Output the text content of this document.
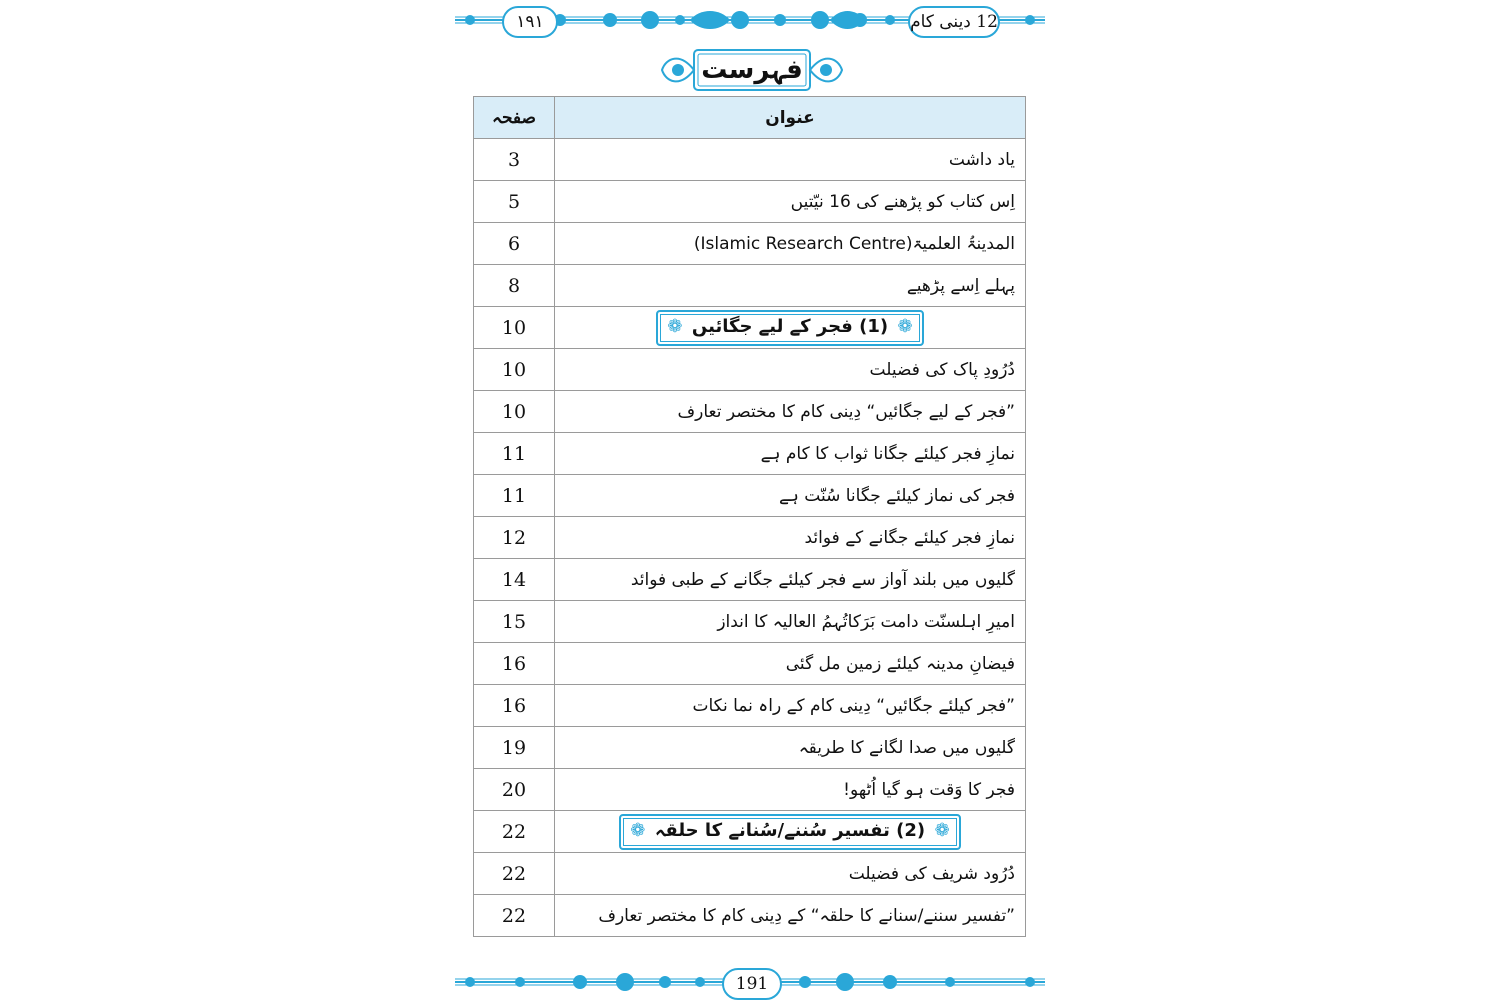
١٩١	12 دینی کام
فہرست
صفحہ	عنوان
3	یاد داشت
5	اِس کتاب کو پڑھنے کی 16 نیّتیں
6	المدینۃُ العلمیۃ(Islamic Research Centre)
8	پہلے اِسے پڑھیے
10	❁ (1) فجر کے لیے جگائیں ❁

10	دُرُودِ پاک کی فضیلت
10	”فجر کے لیے جگائیں“ دِینی کام کا مختصر تعارف
11	نمازِ فجر کیلئے جگانا ثواب کا کام ہے
11	فجر کی نماز کیلئے جگانا سُنّت ہے
12	نمازِ فجر کیلئے جگانے کے فوائد
14	گلیوں میں بلند آواز سے فجر کیلئے جگانے کے طبی فوائد
15	امیرِ اہلسنّت دامت بَرَکاتُہمُ العالیہ کا انداز
16	فیضانِ مدینہ کیلئے زمین مل گئی
16	”فجر کیلئے جگائیں“ دِینی کام کے راہ نما نکات
19	گلیوں میں صدا لگانے کا طریقہ
20	فجر کا وَقت ہو گیا اُٹھو!
22	❁ (2) تفسیر سُننے/سُنانے کا حلقہ ❁

22	دُرُود شریف کی فضیلت
22	”تفسیر سننے/سنانے کا حلقہ“ کے دِینی کام کا مختصر تعارف
191
